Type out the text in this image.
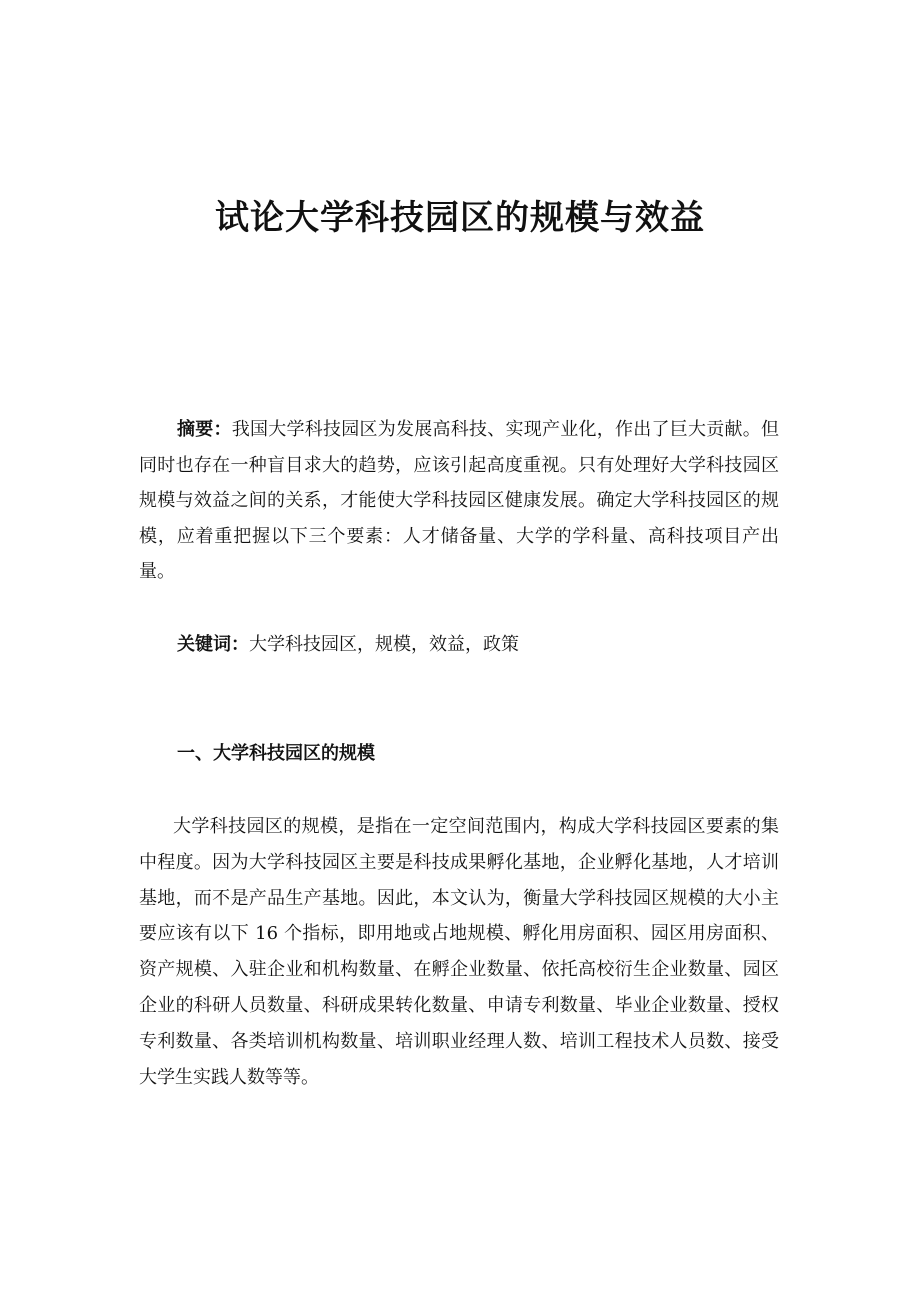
试论大学科技园区的规模与效益

摘要：我国大学科技园区为发展高科技、实现产业化，作出了巨大贡献。但同时也存在一种盲目求大的趋势，应该引起高度重视。只有处理好大学科技园区规模与效益之间的关系，才能使大学科技园区健康发展。确定大学科技园区的规模，应着重把握以下三个要素：人才储备量、大学的学科量、高科技项目产出量。

关键词：大学科技园区，规模，效益，政策

一、大学科技园区的规模

大学科技园区的规模，是指在一定空间范围内，构成大学科技园区要素的集中程度。因为大学科技园区主要是科技成果孵化基地，企业孵化基地，人才培训基地，而不是产品生产基地。因此，本文认为，衡量大学科技园区规模的大小主要应该有以下 16 个指标，即用地或占地规模、孵化用房面积、园区用房面积、资产规模、入驻企业和机构数量、在孵企业数量、依托高校衍生企业数量、园区企业的科研人员数量、科研成果转化数量、申请专利数量、毕业企业数量、授权专利数量、各类培训机构数量、培训职业经理人数、培训工程技术人员数、接受大学生实践人数等等。
